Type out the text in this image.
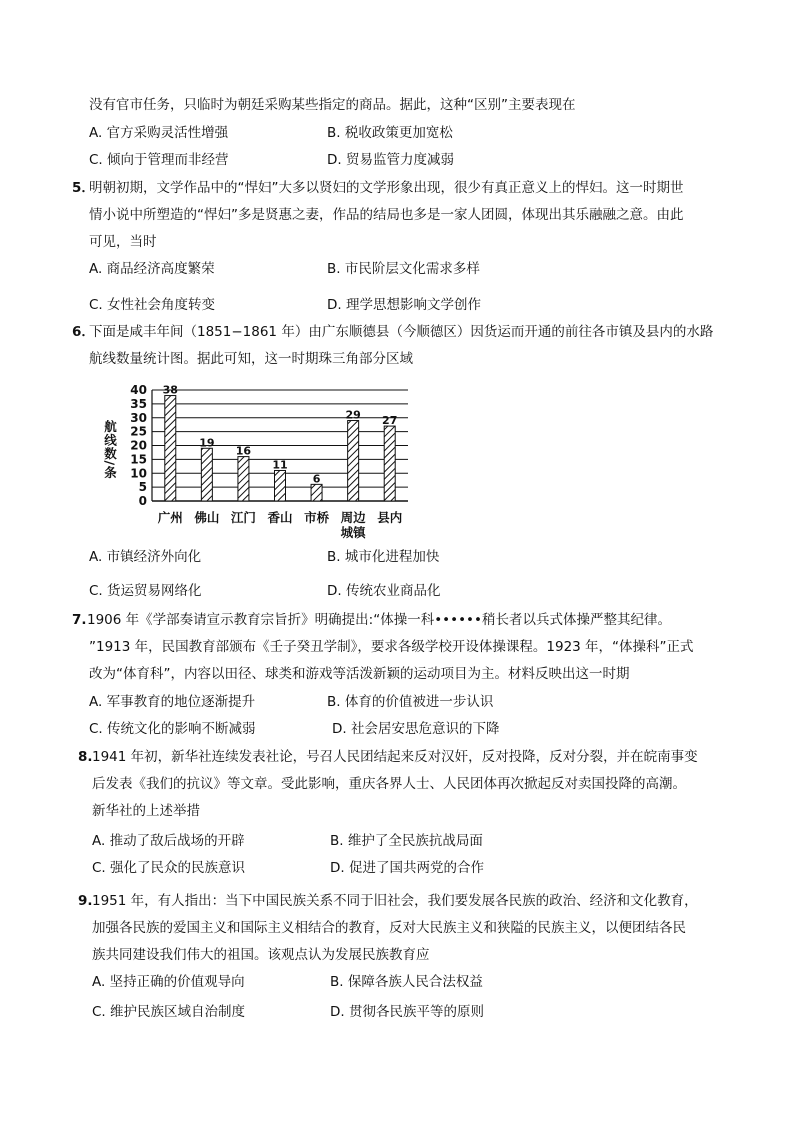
没有官市任务，只临时为朝廷采购某些指定的商品。据此，这种“区别”主要表现在
A. 官方采购灵活性增强	B. 税收政策更加宽松
C. 倾向于管理而非经营	D. 贸易监管力度减弱
5．
明朝初期，文学作品中的“悍妇”大多以贤妇的文学形象出现，很少有真正意义上的悍妇。这一时期世
情小说中所塑造的“悍妇”多是贤惠之妻，作品的结局也多是一家人团圆，体现出其乐融融之意。由此
可见，当时
A. 商品经济高度繁荣	B. 市民阶层文化需求多样
C. 女性社会角度转变	D. 理学思想影响文学创作
6．
下面是咸丰年间（1851−1861 年）由广东顺德县（今顺德区）因货运而开通的前往各市镇及县内的水路
航线数量统计图。据此可知，这一时期珠三角部分区域
0
5
10
15
20
25
30
35
40 38
19
16
11
6
29 27
广州 佛山 江门 香山 市桥 周边
城镇
县内
航线数/条
A. 市镇经济外向化	B. 城市化进程加快
C. 货运贸易网络化	D. 传统农业商品化
7. 1906 年《学部奏请宣示教育宗旨折》明确提出:“体操一科••••••稍长者以兵式体操严整其纪律。
”1913 年，民国教育部颁布《壬子癸丑学制》，要求各级学校开设体操课程。1923 年，“体操科”正式
改为“体育科”，内容以田径、球类和游戏等活泼新颖的运动项目为主。材料反映出这一时期
A. 军事教育的地位逐渐提升	B. 体育的价值被进一步认识
C. 传统文化的影响不断减弱	D. 社会居安思危意识的下降
8. 1941 年初，新华社连续发表社论，号召人民团结起来反对汉奸，反对投降，反对分裂，并在皖南事变
后发表《我们的抗议》等文章。受此影响，重庆各界人士、人民团体再次掀起反对卖国投降的高潮。
新华社的上述举措
A. 推动了敌后战场的开辟	B. 维护了全民族抗战局面
C. 强化了民众的民族意识	D. 促进了国共两党的合作
9. 1951 年，有人指出：当下中国民族关系不同于旧社会，我们要发展各民族的政治、经济和文化教育，
加强各民族的爱国主义和国际主义相结合的教育，反对大民族主义和狭隘的民族主义，以便团结各民
族共同建设我们伟大的祖国。该观点认为发展民族教育应
A. 坚持正确的价值观导向	B. 保障各族人民合法权益
C. 维护民族区域自治制度	D. 贯彻各民族平等的原则
